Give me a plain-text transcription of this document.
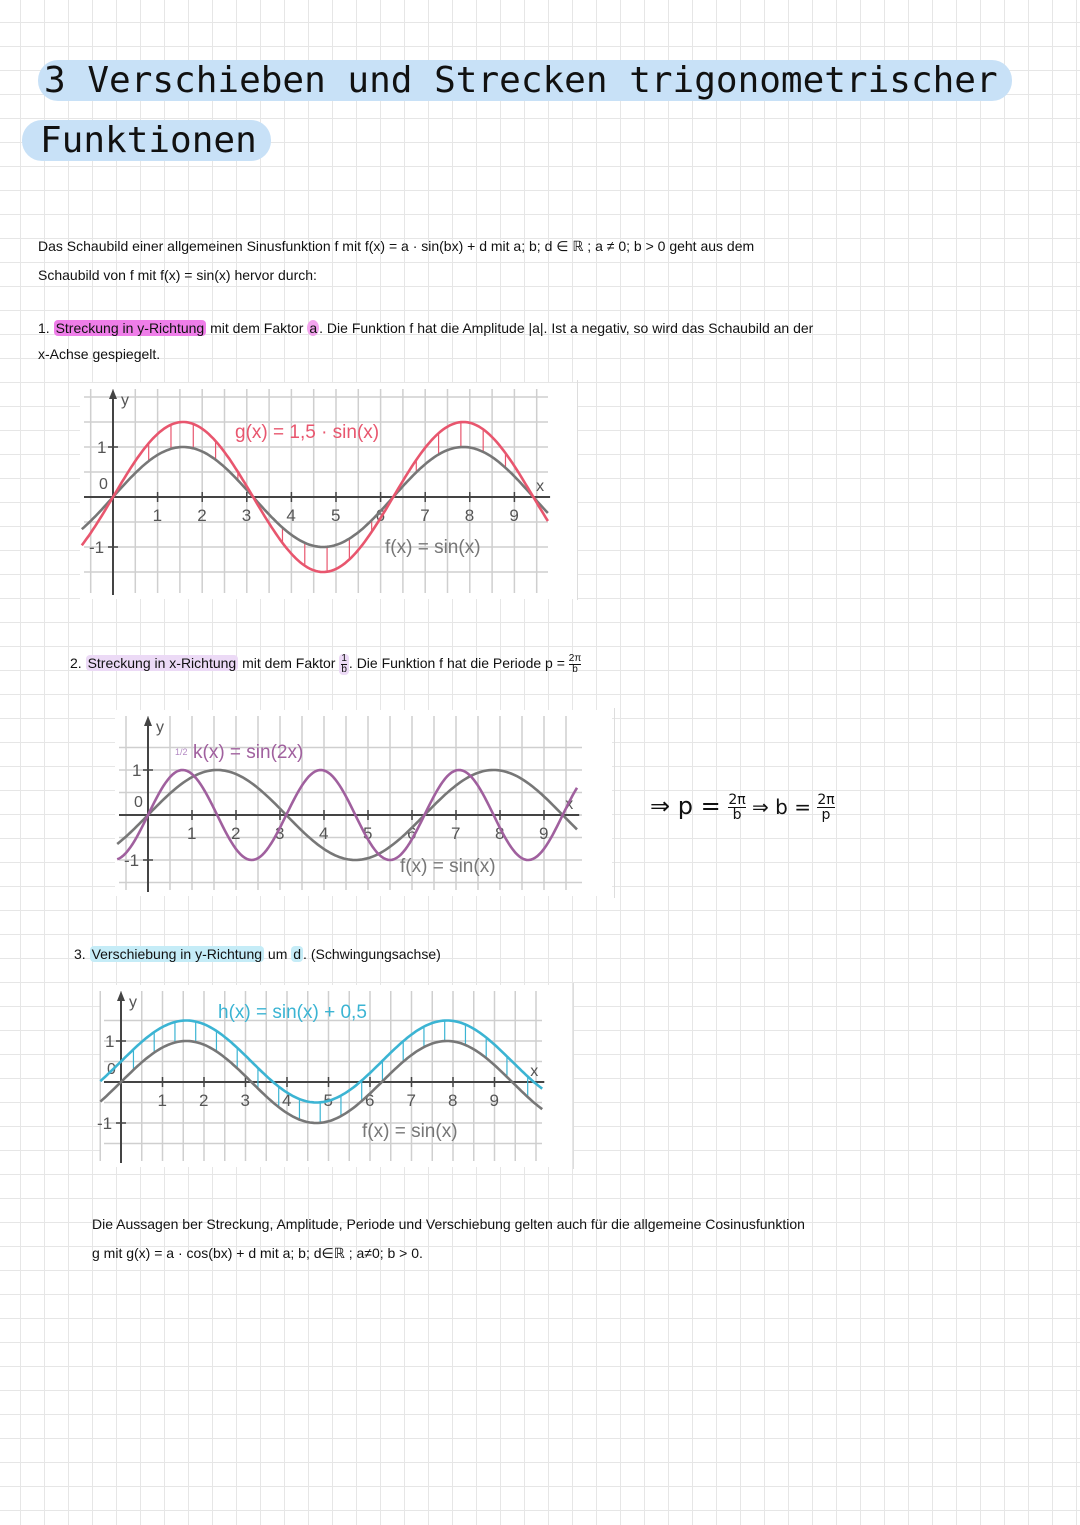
3 Verschieben und Strecken trigonometrischer
Funktionen
Das Schaubild einer allgemeinen Sinusfunktion f mit f(x) = a · sin(bx) + d mit a; b; d ∈ ℝ ; a ≠ 0; b > 0 geht aus dem
Schaubild von f mit f(x) = sin(x) hervor durch:
1. Streckung in y-Richtung mit dem Faktor a . Die Funktion f hat die Amplitude |a|. Ist a negativ, so wird das Schaubild an der
x-Achse gespiegelt.
y
x
0
1 2 3 4 5 6 7 8 9
1
-1	f(x) = sin(x)
g(x) = 1,5 · sin(x)
2. Streckung in x-Richtung mit dem Faktor $\frac{1}{b}$ . Die Funktion f hat die Periode $p = \frac{2\pi}{b}$
y
x
0
1 2 3 4 5 6 7 8 9
1
-1	f(x) = sin(x)
k(x) = sin(2x)
1/2
⇒ $p = \frac{2\pi}{b}$ ⇒ $b = \frac{2\pi}{p}$
3. Verschiebung in y-Richtung um d . (Schwingungsachse)
y
x
0
1 2 3 4 5 6 7 8 9
1
-1	f(x) = sin(x)
h(x) = sin(x) + 0,5
Die Aussagen ber Streckung, Amplitude, Periode und Verschiebung gelten auch für die allgemeine Cosinusfunktion
g mit g(x) = a · cos(bx) + d mit a; b; d∈ℝ ; a≠0; b > 0.
